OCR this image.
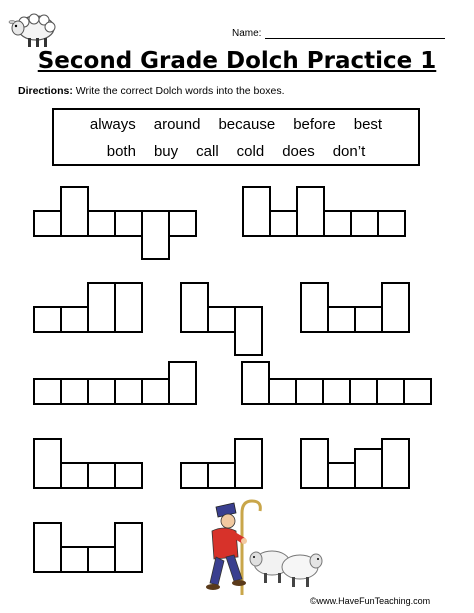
Name:
Second Grade Dolch Practice 1
Directions: Write the correct Dolch words into the boxes.
always around because before best
both buy call cold does don’t
©www.HaveFunTeaching.com
